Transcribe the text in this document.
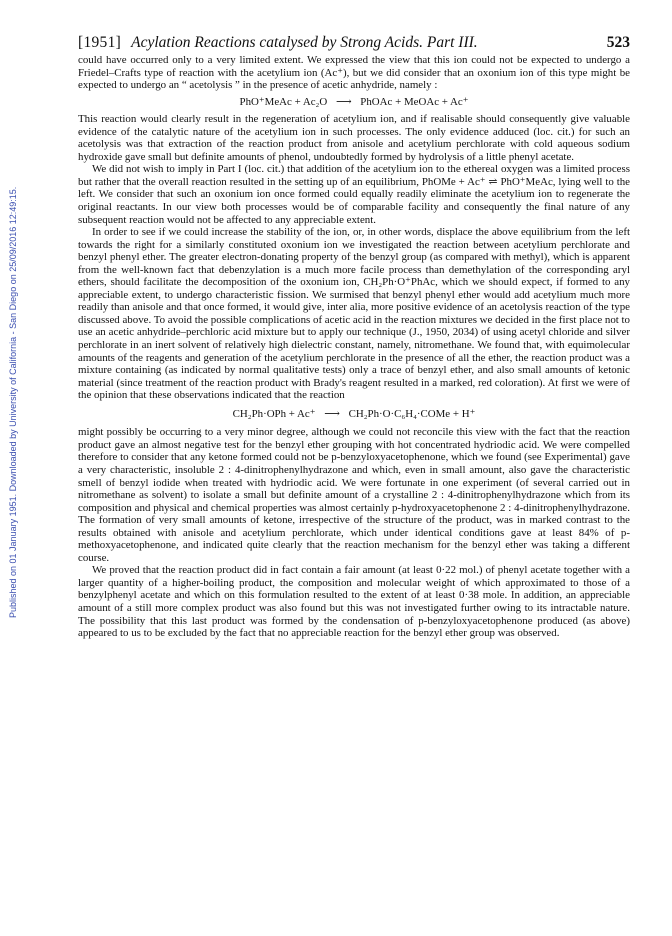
Published on 01 January 1951. Downloaded by University of California - San Diego on 25/09/2016 12:49:15.
[1951] Acylation Reactions catalysed by Strong Acids. Part III.	523

could have occurred only to a very limited extent. We expressed the view that this ion could not be expected to undergo a Friedel–Crafts type of reaction with the acetylium ion (Ac⁺), but we did consider that an oxonium ion of this type might be expected to undergo an “ acetolysis ” in the presence of acetic anhydride, namely :

PhO⁺MeAc + Ac₂O ⟶ PhOAc + MeOAc + Ac⁺

This reaction would clearly result in the regeneration of acetylium ion, and if realisable should consequently give valuable evidence of the catalytic nature of the acetylium ion in such processes. The only evidence adduced (loc. cit.) for such an acetolysis was that extraction of the reaction product from anisole and acetylium perchlorate with cold aqueous sodium hydroxide gave small but definite amounts of phenol, undoubtedly formed by hydrolysis of a little phenyl acetate.

We did not wish to imply in Part I (loc. cit.) that addition of the acetylium ion to the ethereal oxygen was a limited process but rather that the overall reaction resulted in the setting up of an equilibrium, PhOMe + Ac⁺ ⇌ PhO⁺MeAc, lying well to the left. We consider that such an oxonium ion once formed could equally readily eliminate the acetylium ion to regenerate the original reactants. In our view both processes would be of comparable facility and consequently the final nature of any subsequent reaction would not be affected to any appreciable extent.

In order to see if we could increase the stability of the ion, or, in other words, displace the above equilibrium from the left towards the right for a similarly constituted oxonium ion we investigated the reaction between acetylium perchlorate and benzyl phenyl ether. The greater electron-donating property of the benzyl group (as compared with methyl), which is apparent from the well-known fact that debenzylation is a much more facile process than demethylation of the corresponding aryl ethers, should facilitate the decomposition of the oxonium ion, CH₂Ph·O⁺PhAc, which we should expect, if formed to any appreciable extent, to undergo characteristic fission. We surmised that benzyl phenyl ether would add acetylium much more readily than anisole and that once formed, it would give, inter alia, more positive evidence of an acetolysis reaction of the type discussed above. To avoid the possible complications of acetic acid in the reaction mixtures we decided in the first place not to use an acetic anhydride–perchloric acid mixture but to apply our technique (J., 1950, 2034) of using acetyl chloride and silver perchlorate in an inert solvent of relatively high dielectric constant, namely, nitromethane. We found that, with equimolecular amounts of the reagents and generation of the acetylium perchlorate in the presence of all the ether, the reaction product was a mixture containing (as indicated by normal qualitative tests) only a trace of benzyl ether, and also small amounts of ketonic material (since treatment of the reaction product with Brady's reagent resulted in a marked, red coloration). At first we were of the opinion that these observations indicated that the reaction

CH₂Ph·OPh + Ac⁺ ⟶ CH₂Ph·O·C₆H₄·COMe + H⁺

might possibly be occurring to a very minor degree, although we could not reconcile this view with the fact that the reaction product gave an almost negative test for the benzyl ether grouping with hot concentrated hydriodic acid. We were compelled therefore to consider that any ketone formed could not be p-benzyloxyacetophenone, which we found (see Experimental) gave a very characteristic, insoluble 2 : 4-dinitrophenylhydrazone and which, even in small amount, also gave the characteristic smell of benzyl iodide when treated with hydriodic acid. We were fortunate in one experiment (of several carried out in nitromethane as solvent) to isolate a small but definite amount of a crystalline 2 : 4-dinitrophenylhydrazone which from its composition and physical and chemical properties was almost certainly p-hydroxyacetophenone 2 : 4-dinitrophenylhydrazone. The formation of very small amounts of ketone, irrespective of the structure of the product, was in marked contrast to the results obtained with anisole and acetylium perchlorate, which under identical conditions gave at least 84% of p-methoxyacetophenone, and indicated quite clearly that the reaction mechanism for the benzyl ether was taking a different course.

We proved that the reaction product did in fact contain a fair amount (at least 0·22 mol.) of phenyl acetate together with a larger quantity of a higher-boiling product, the composition and molecular weight of which approximated to those of a benzylphenyl acetate and which on this formulation resulted to the extent of at least 0·38 mole. In addition, an appreciable amount of a still more complex product was also found but this was not investigated further owing to its intractable nature. The possibility that this last product was formed by the condensation of p-benzyloxyacetophenone produced (as above) appeared to us to be excluded by the fact that no appreciable reaction for the benzyl ether group was observed.
